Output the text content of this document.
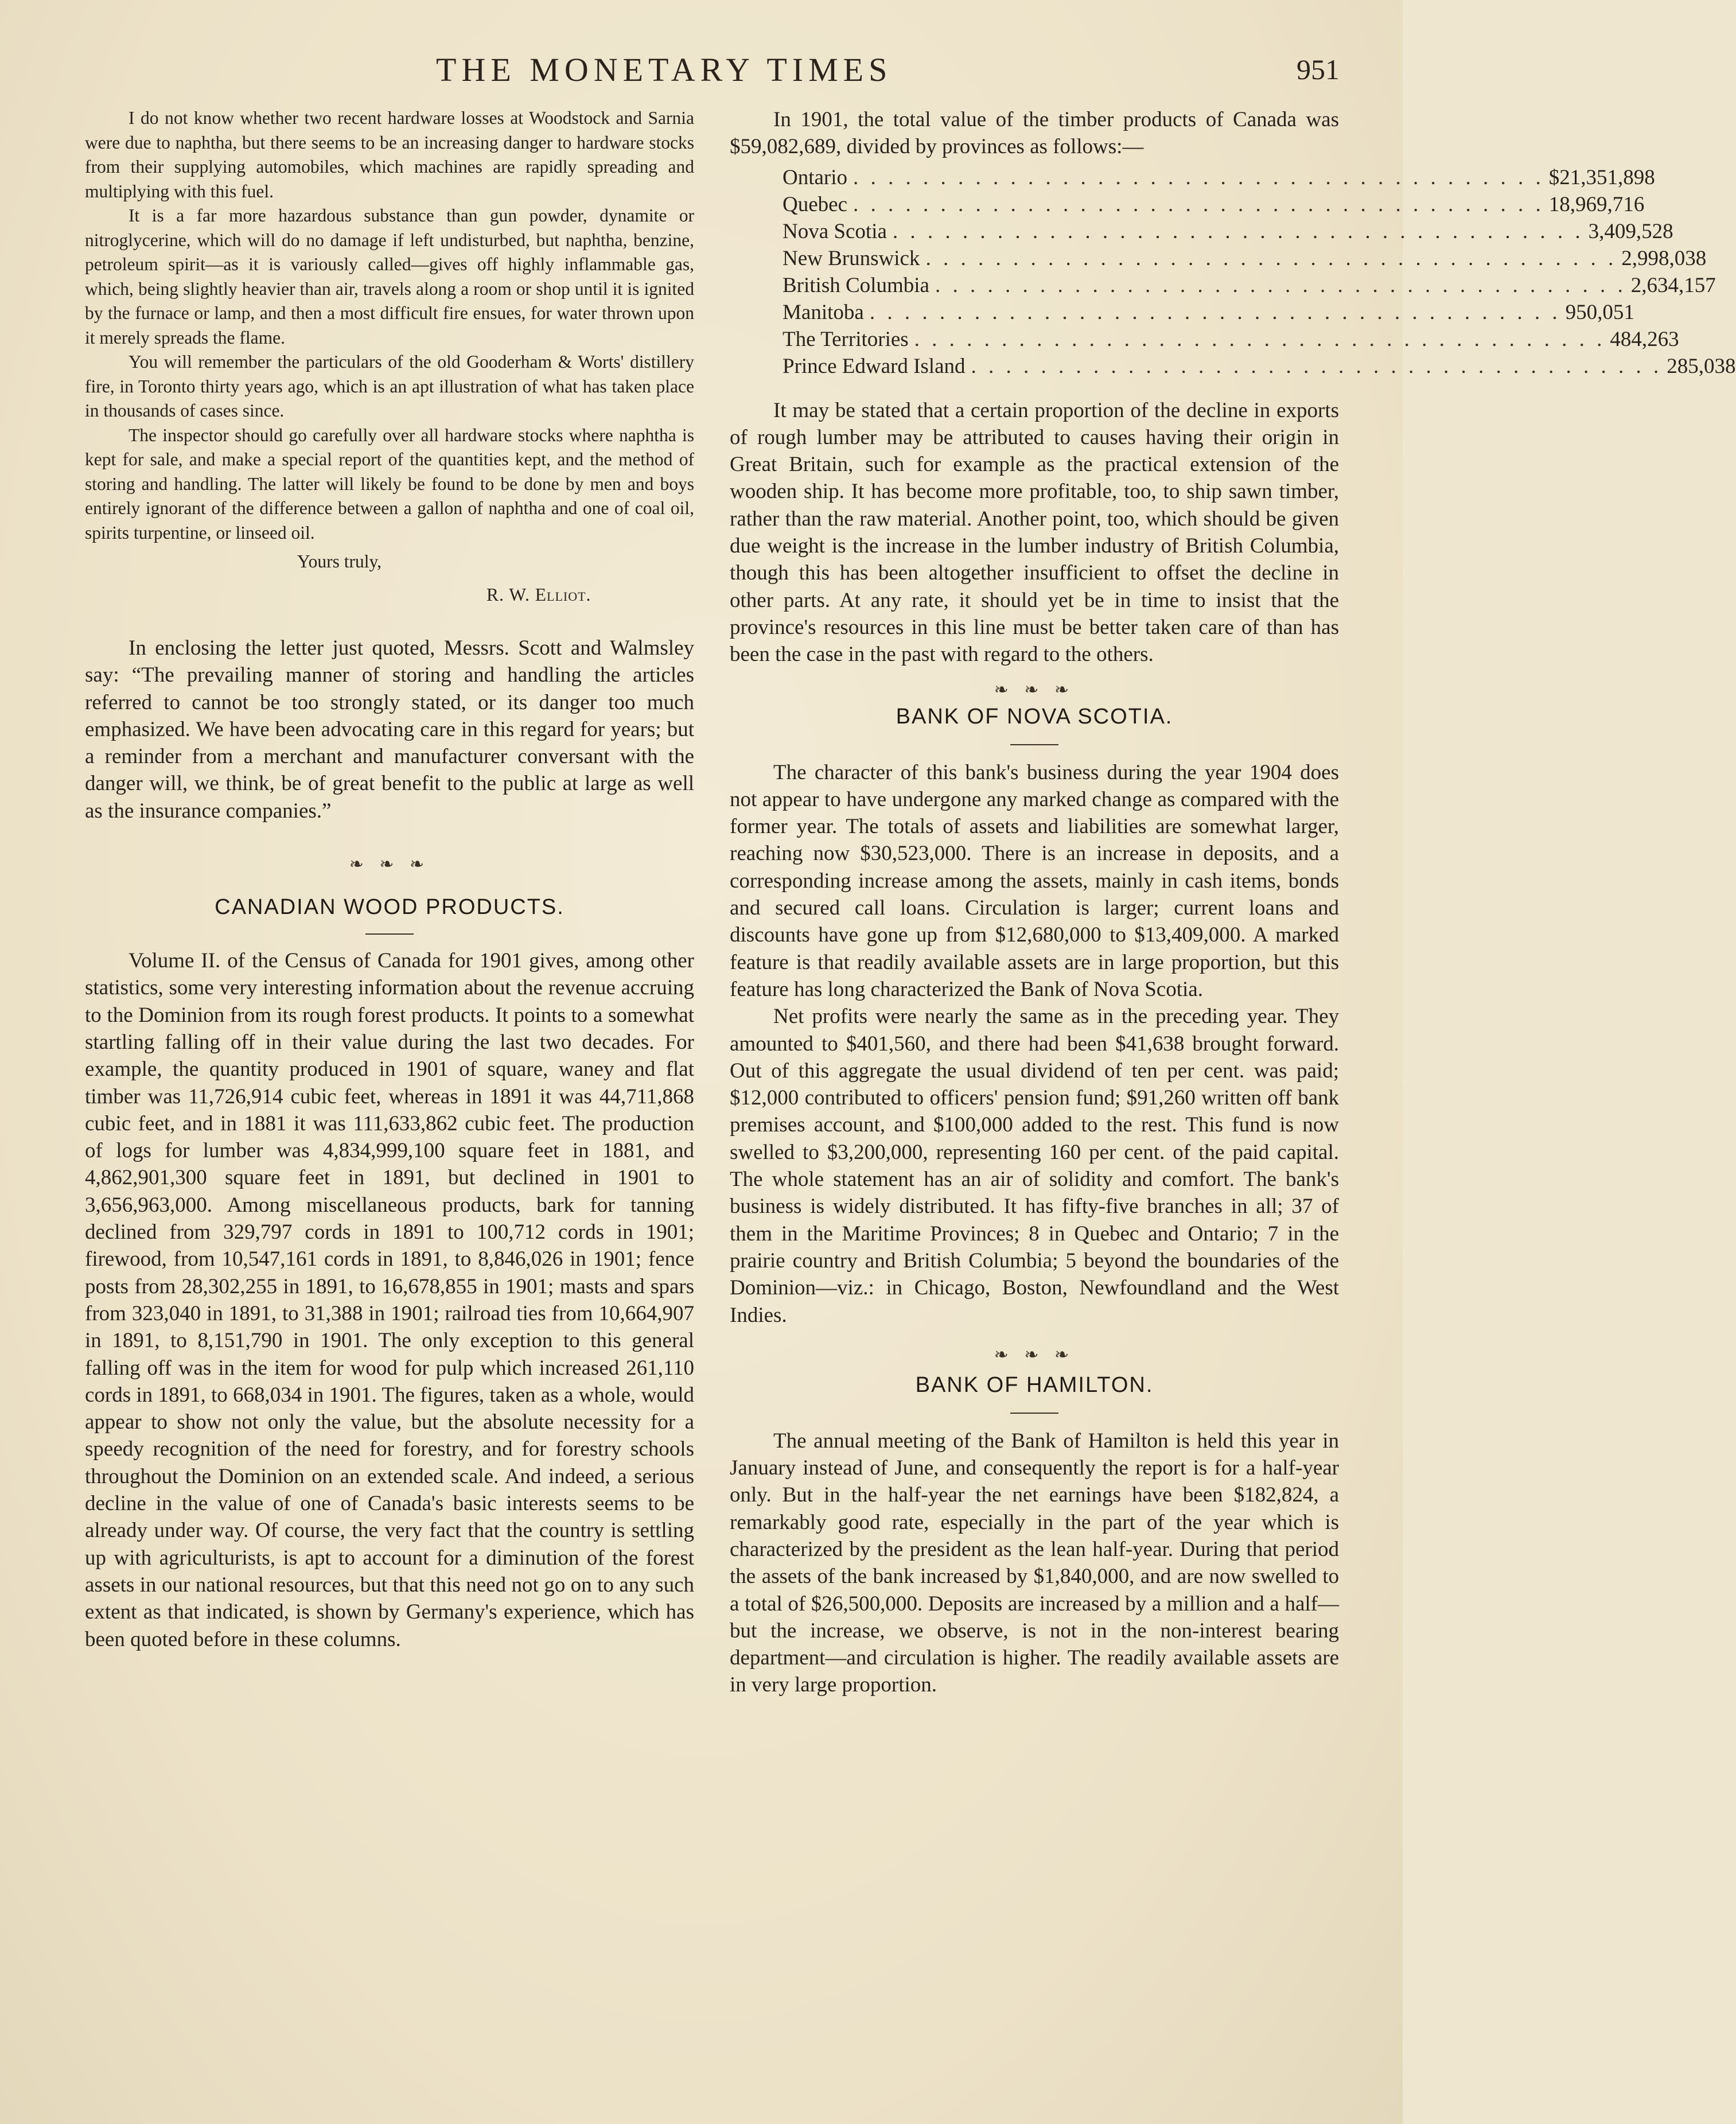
THE MONETARY TIMES	951

I do not know whether two recent hardware losses at Woodstock and Sarnia were due to naphtha, but there seems to be an increasing danger to hardware stocks from their supplying automobiles, which machines are rapidly spreading and multiplying with this fuel.

It is a far more hazardous substance than gun powder, dynamite or nitroglycerine, which will do no damage if left undisturbed, but naphtha, benzine, petroleum spirit—as it is variously called—gives off highly inflammable gas, which, being slightly heavier than air, travels along a room or shop until it is ignited by the furnace or lamp, and then a most difficult fire ensues, for water thrown upon it merely spreads the flame.

You will remember the particulars of the old Gooderham & Worts' distillery fire, in Toronto thirty years ago, which is an apt illustration of what has taken place in thousands of cases since.

The inspector should go carefully over all hardware stocks where naphtha is kept for sale, and make a special report of the quantities kept, and the method of storing and handling. The latter will likely be found to be done by men and boys entirely ignorant of the difference between a gallon of naphtha and one of coal oil, spirits turpentine, or linseed oil.

Yours truly,
R. W. Elliot.

In enclosing the letter just quoted, Messrs. Scott and Walmsley say: “The prevailing manner of storing and handling the articles referred to cannot be too strongly stated, or its danger too much emphasized. We have been advocating care in this regard for years; but a reminder from a merchant and manufacturer conversant with the danger will, we think, be of great benefit to the public at large as well as the insurance companies.”

❧ ❧ ❧
CANADIAN WOOD PRODUCTS.

Volume II. of the Census of Canada for 1901 gives, among other statistics, some very interesting information about the revenue accruing to the Dominion from its rough forest products. It points to a somewhat startling falling off in their value during the last two decades. For example, the quantity produced in 1901 of square, waney and flat timber was 11,726,914 cubic feet, whereas in 1891 it was 44,711,868 cubic feet, and in 1881 it was 111,633,862 cubic feet. The production of logs for lumber was 4,834,999,100 square feet in 1881, and 4,862,901,300 square feet in 1891, but declined in 1901 to 3,656,963,000. Among miscellaneous products, bark for tanning declined from 329,797 cords in 1891 to 100,712 cords in 1901; firewood, from 10,547,161 cords in 1891, to 8,846,026 in 1901; fence posts from 28,302,255 in 1891, to 16,678,855 in 1901; masts and spars from 323,040 in 1891, to 31,388 in 1901; railroad ties from 10,664,907 in 1891, to 8,151,790 in 1901. The only exception to this general falling off was in the item for wood for pulp which increased 261,110 cords in 1891, to 668,034 in 1901. The figures, taken as a whole, would appear to show not only the value, but the absolute necessity for a speedy recognition of the need for forestry, and for forestry schools throughout the Dominion on an extended scale. And indeed, a serious decline in the value of one of Canada's basic interests seems to be already under way. Of course, the very fact that the country is settling up with agriculturists, is apt to account for a diminution of the forest assets in our national resources, but that this need not go on to any such extent as that indicated, is shown by Germany's experience, which has been quoted before in these columns.

In 1901, the total value of the timber products of Canada was $59,082,689, divided by provinces as follows:—

Ontario . . . . . . . . . . . . . . . . . . . . . . . . . . . . . . . . . . . . . . . . $21,351,898
Quebec . . . . . . . . . . . . . . . . . . . . . . . . . . . . . . . . . . . . . . . . 18,969,716
Nova Scotia . . . . . . . . . . . . . . . . . . . . . . . . . . . . . . . . . . . . . . . . 3,409,528
New Brunswick . . . . . . . . . . . . . . . . . . . . . . . . . . . . . . . . . . . . . . . . 2,998,038
British Columbia . . . . . . . . . . . . . . . . . . . . . . . . . . . . . . . . . . . . . . . . 2,634,157
Manitoba . . . . . . . . . . . . . . . . . . . . . . . . . . . . . . . . . . . . . . . . 950,051
The Territories . . . . . . . . . . . . . . . . . . . . . . . . . . . . . . . . . . . . . . . . 484,263
Prince Edward Island . . . . . . . . . . . . . . . . . . . . . . . . . . . . . . . . . . . . . . . . 285,038

It may be stated that a certain proportion of the decline in exports of rough lumber may be attributed to causes having their origin in Great Britain, such for example as the practical extension of the wooden ship. It has become more profitable, too, to ship sawn timber, rather than the raw material. Another point, too, which should be given due weight is the increase in the lumber industry of British Columbia, though this has been altogether insufficient to offset the decline in other parts. At any rate, it should yet be in time to insist that the province's resources in this line must be better taken care of than has been the case in the past with regard to the others.

❧ ❧ ❧
BANK OF NOVA SCOTIA.

The character of this bank's business during the year 1904 does not appear to have undergone any marked change as compared with the former year. The totals of assets and liabilities are somewhat larger, reaching now $30,523,000. There is an increase in deposits, and a corresponding increase among the assets, mainly in cash items, bonds and secured call loans. Circulation is larger; current loans and discounts have gone up from $12,680,000 to $13,409,000. A marked feature is that readily available assets are in large proportion, but this feature has long characterized the Bank of Nova Scotia.

Net profits were nearly the same as in the preceding year. They amounted to $401,560, and there had been $41,638 brought forward. Out of this aggregate the usual dividend of ten per cent. was paid; $12,000 contributed to officers' pension fund; $91,260 written off bank premises account, and $100,000 added to the rest. This fund is now swelled to $3,200,000, representing 160 per cent. of the paid capital. The whole statement has an air of solidity and comfort. The bank's business is widely distributed. It has fifty-five branches in all; 37 of them in the Maritime Provinces; 8 in Quebec and Ontario; 7 in the prairie country and British Columbia; 5 beyond the boundaries of the Dominion—viz.: in Chicago, Boston, Newfoundland and the West Indies.

❧ ❧ ❧
BANK OF HAMILTON.

The annual meeting of the Bank of Hamilton is held this year in January instead of June, and consequently the report is for a half-year only. But in the half-year the net earnings have been $182,824, a remarkably good rate, especially in the part of the year which is characterized by the president as the lean half-year. During that period the assets of the bank increased by $1,840,000, and are now swelled to a total of $26,500,000. Deposits are increased by a million and a half—but the increase, we observe, is not in the non-interest bearing department—and circulation is higher. The readily available assets are in very large proportion.
